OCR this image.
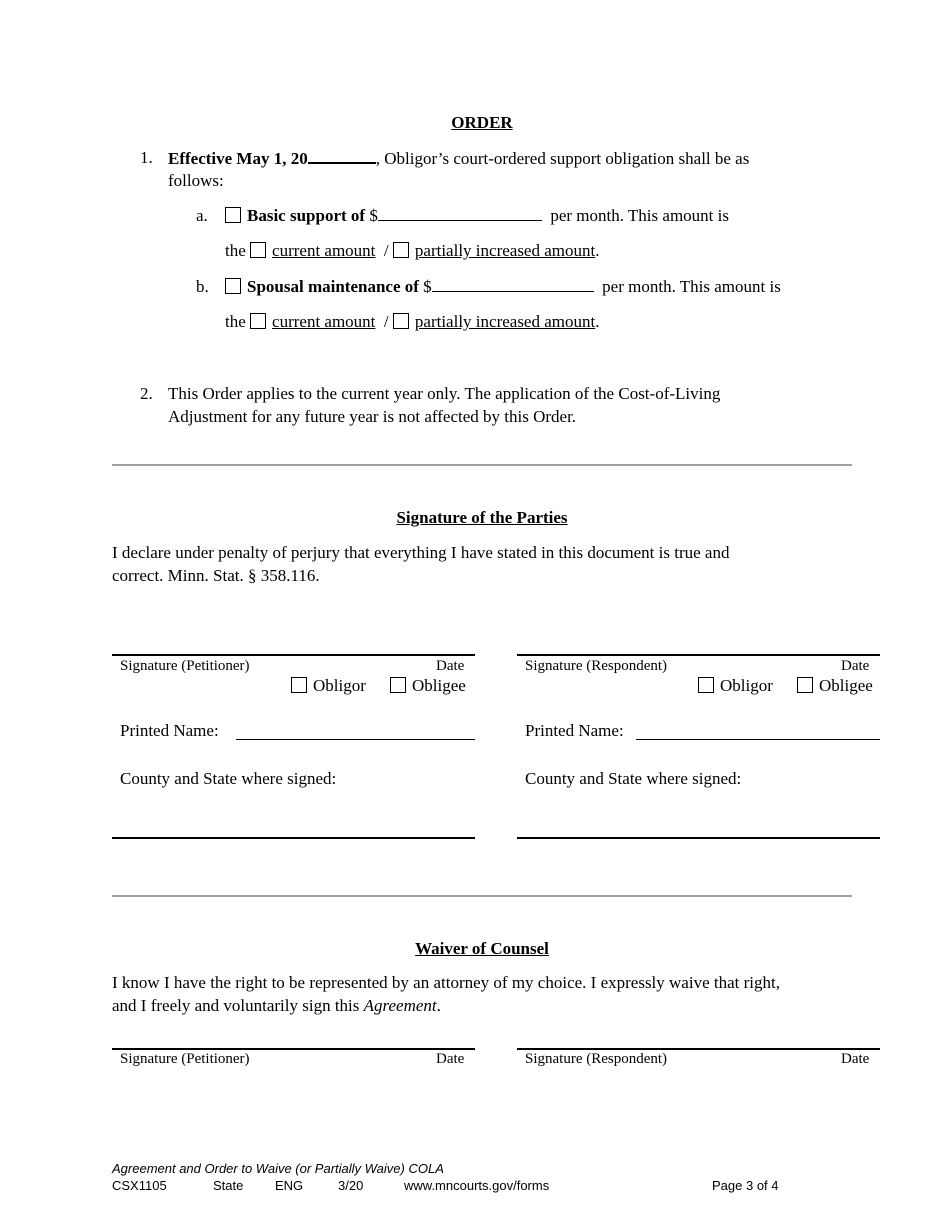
ORDER
1. Effective May 1, 20	, Obligor’s court-ordered support obligation shall be as
follows:
a.	Basic support of $	per month. This amount is
the current amount / partially increased amount.
b.	Spousal maintenance of $	per month. This amount is
the current amount / partially increased amount.
2. This Order applies to the current year only. The application of the Cost-of-Living
Adjustment for any future year is not affected by this Order.
Signature of the Parties
I declare under penalty of perjury that everything I have stated in this document is true and
correct. Minn. Stat. § 358.116.
Signature (Petitioner)	Date
Obligor	Obligee
Printed Name:
County and State where signed:
Signature (Respondent)	Date
Obligor	Obligee
Printed Name:
County and State where signed:
Waiver of Counsel
I know I have the right to be represented by an attorney of my choice. I expressly waive that right,
and I freely and voluntarily sign this Agreement.
Signature (Petitioner)	Date	Signature (Respondent)	Date
Agreement and Order to Waive (or Partially Waive) COLA
CSX1105	State ENG	3/20	www.mncourts.gov/forms	Page 3 of 4
